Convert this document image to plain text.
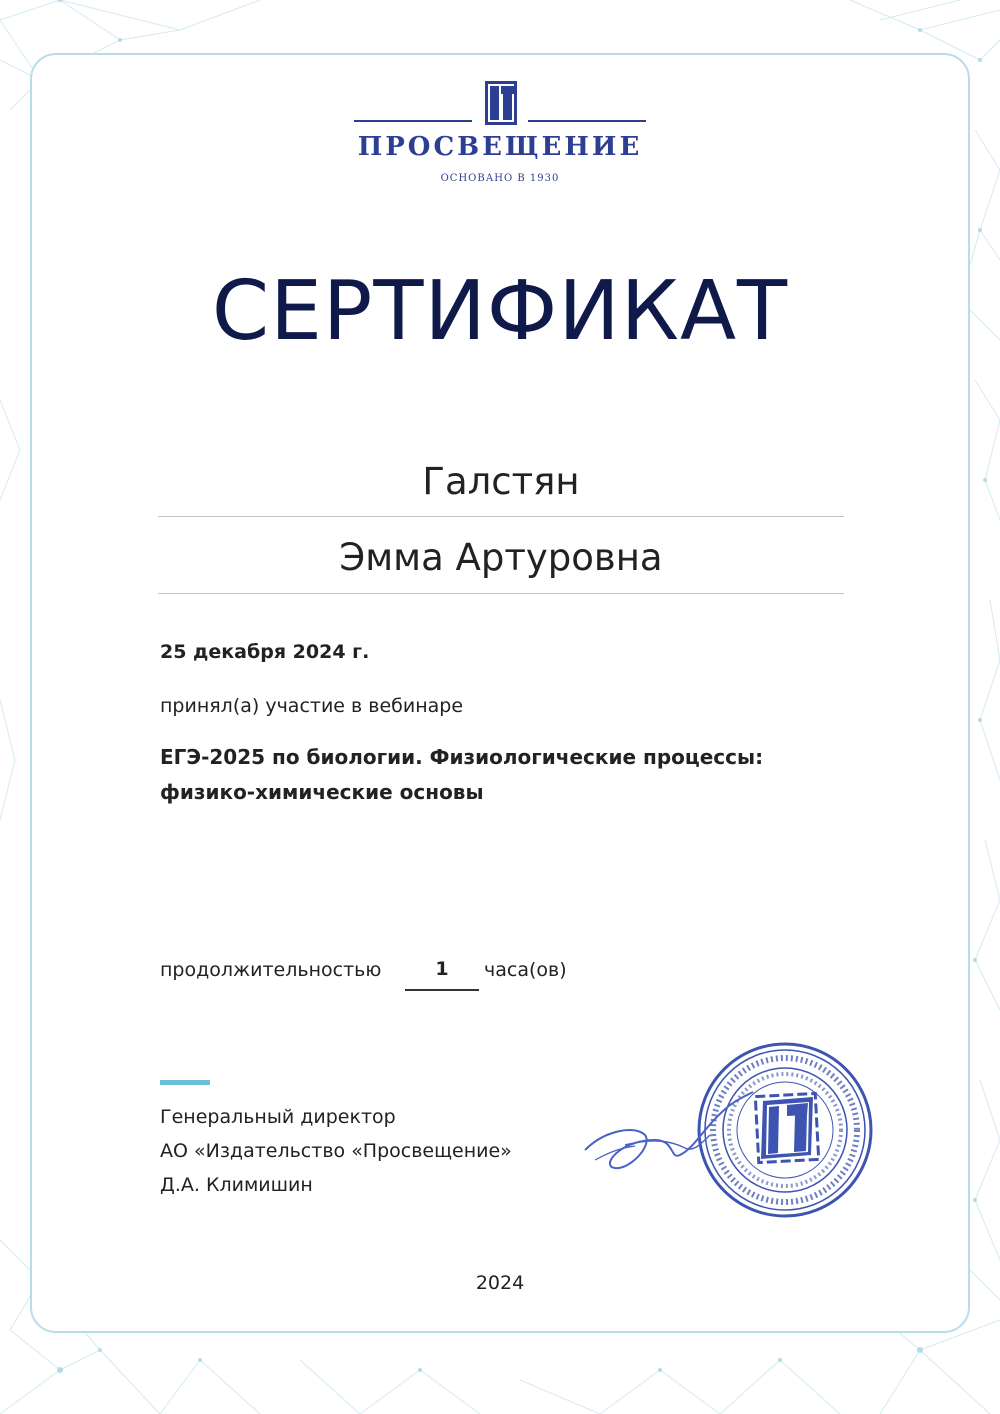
ПРОСВЕЩЕНИЕ
ОСНОВАНО В 1930
СЕРТИФИКАТ
Галстян
Эмма Артуровна
25 декабря 2024 г.
принял(а) участие в вебинаре
ЕГЭ-2025 по биологии. Физиологические процессы:
физико-химические основы
продолжительностью	1	часа(ов)
Генеральный директор
АО «Издательство «Просвещение»
Д.А. Климишин
2024
